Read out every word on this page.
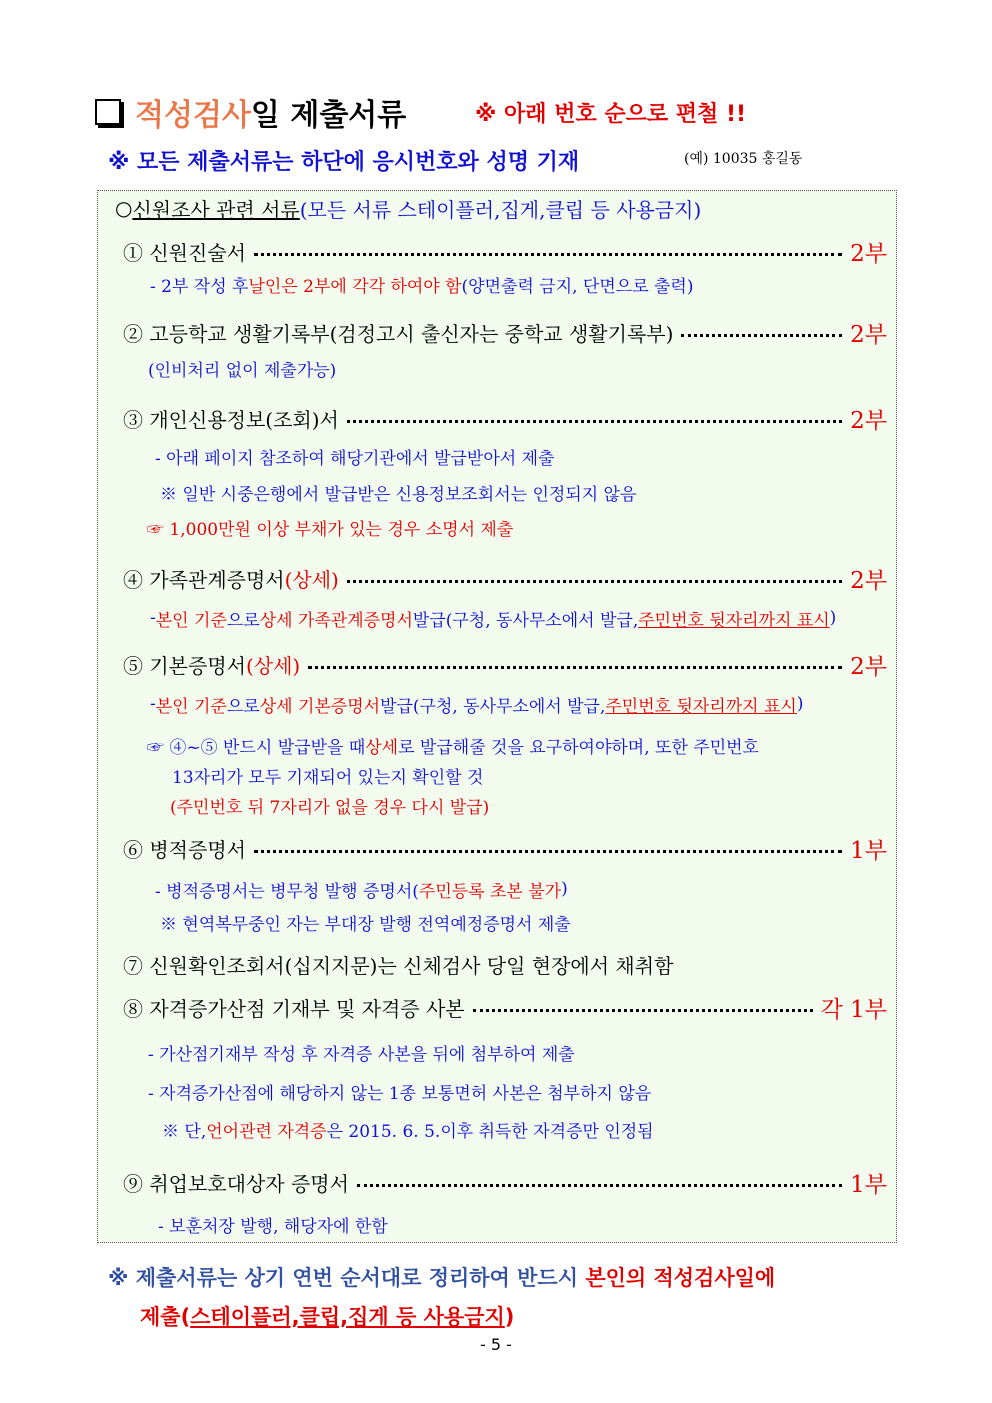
적성검사 일 제출서류	※ 아래 번호 순으로 편철 !!
※ 모든 제출서류는 하단에 응시번호와 성명 기재	(예) 10035 홍길동
○ 신원조사 관련 서류 (모든 서류 스테이플러,집게,클립 등 사용금지)
① 신원진술서	2부
- 2부 작성 후 날인은 2부에 각각 하여야 함 (양면출력 금지, 단면으로 출력)
② 고등학교 생활기록부(검정고시 출신자는 중학교 생활기록부)	2부
(인비처리 없이 제출가능)
③ 개인신용정보(조회)서	2부
- 아래 페이지 참조하여 해당기관에서 발급받아서 제출
※ 일반 시중은행에서 발급받은 신용정보조회서는 인정되지 않음
☞ 1,000만원 이상 부채가 있는 경우 소명서 제출
④ 가족관계증명서 (상세)	2부
- 본인 기준 으로 상세 가족관계증명서 발급(구청, 동사무소에서 발급, 주민번호 뒷자리까지 표시 )
⑤ 기본증명서 (상세)	2부
- 본인 기준 으로 상세 기본증명서 발급(구청, 동사무소에서 발급, 주민번호 뒷자리까지 표시 )
☞ ④~⑤ 반드시 발급받을 때 상세 로 발급해줄 것을 요구하여야하며, 또한 주민번호
13자리가 모두 기재되어 있는지 확인할 것
(주민번호 뒤 7자리가 없을 경우 다시 발급)
⑥ 병적증명서	1부
- 병적증명서는 병무청 발행 증명서( 주민등록 초본 불가 )
※ 현역복무중인 자는 부대장 발행 전역예정증명서 제출
⑦ 신원확인조회서(십지지문)는 신체검사 당일 현장에서 채취함
⑧ 자격증가산점 기재부 및 자격증 사본	각 1부
- 가산점기재부 작성 후 자격증 사본을 뒤에 첨부하여 제출
- 자격증가산점에 해당하지 않는 1종 보통면허 사본은 첨부하지 않음
※ 단, 언어관련 자격증 은 2015. 6. 5.이후 취득한 자격증만 인정됨
⑨ 취업보호대상자 증명서	1부
- 보훈처장 발행, 해당자에 한함
※ 제출서류는 상기 연번 순서대로 정리하여 반드시 본인의 적성검사일에
제출(스테이플러,클립,집게 등 사용금지)
- 5 -
